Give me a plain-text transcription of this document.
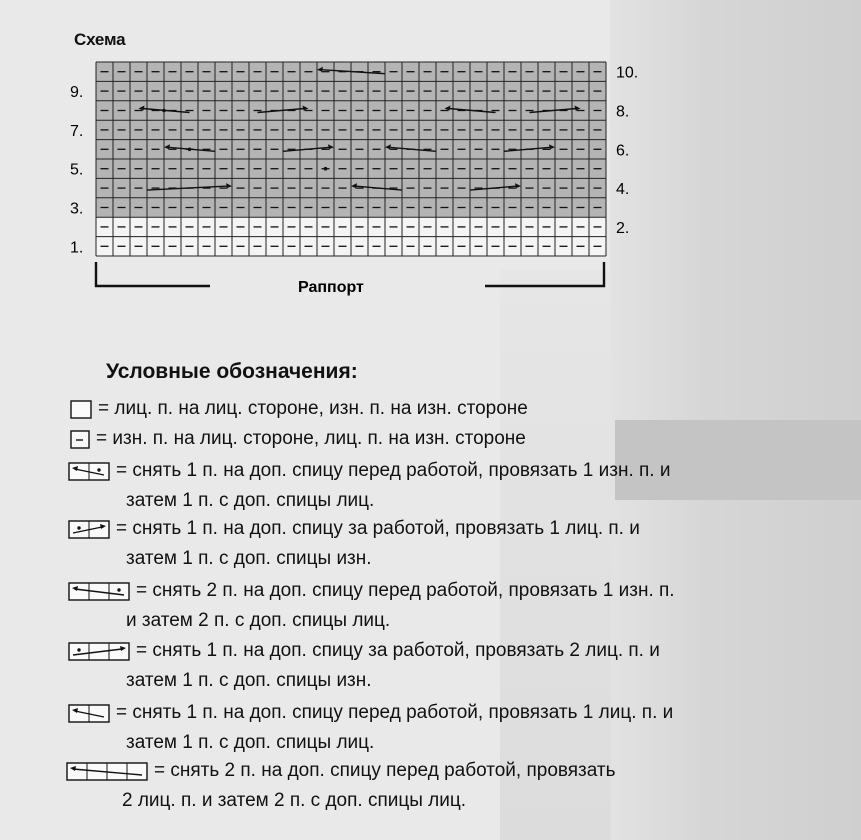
Схема
9.
7.
5.
3.
1.
10.
8.
6.
4.
2.
Раппорт
Условные обозначения:
= лиц. п. на лиц. стороне, изн. п. на изн. стороне
= изн. п. на лиц. стороне, лиц. п. на изн. стороне
= снять 1 п. на доп. спицу перед работой, провязать 1 изн. п. и
затем 1 п. с доп. спицы лиц.
= снять 1 п. на доп. спицу за работой, провязать 1 лиц. п. и
затем 1 п. с доп. спицы изн.
= снять 2 п. на доп. спицу перед работой, провязать 1 изн. п.
и затем 2 п. с доп. спицы лиц.
= снять 1 п. на доп. спицу за работой, провязать 2 лиц. п. и
затем 1 п. с доп. спицы изн.
= снять 1 п. на доп. спицу перед работой, провязать 1 лиц. п. и
затем 1 п. с доп. спицы лиц.
= снять 2 п. на доп. спицу перед работой, провязать
2 лиц. п. и затем 2 п. с доп. спицы лиц.
